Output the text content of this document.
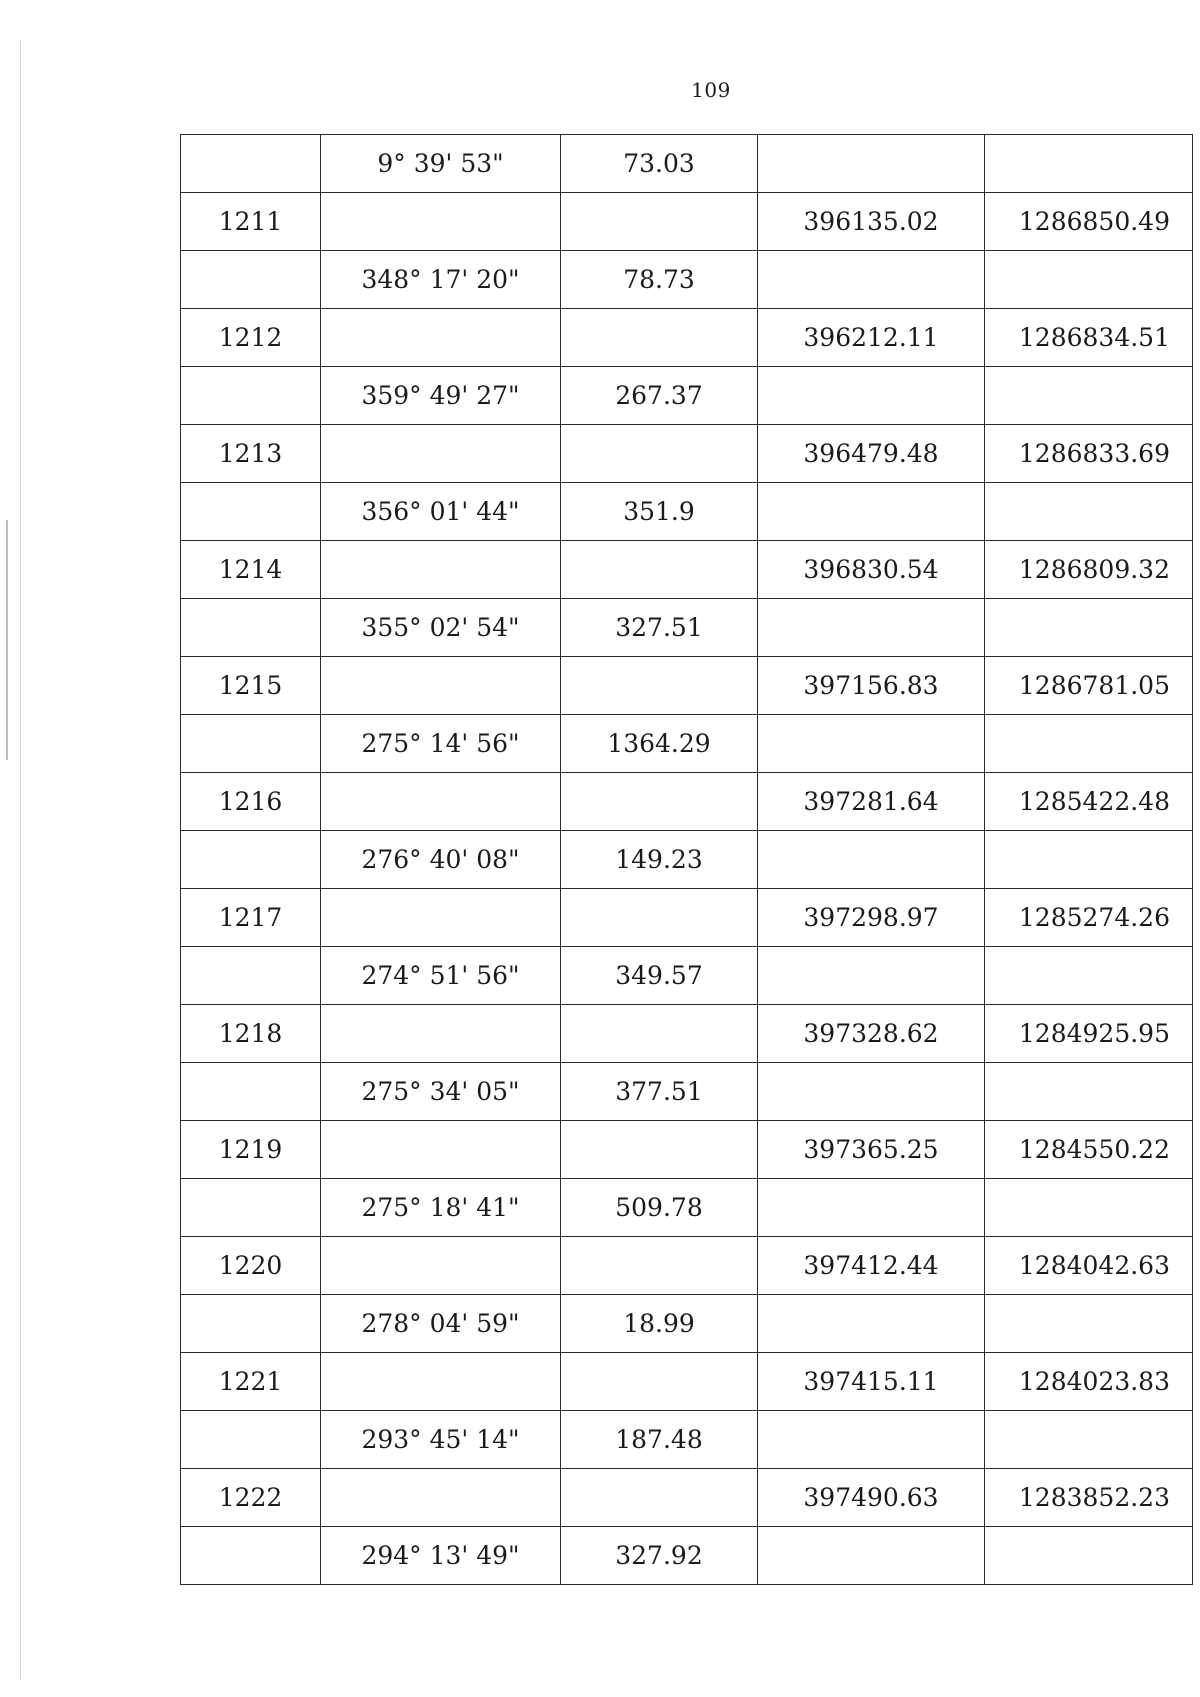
109
	9° 39' 53"	73.03		
1211			396135.02	1286850.49
	348° 17' 20"	78.73		
1212			396212.11	1286834.51
	359° 49' 27"	267.37		
1213			396479.48	1286833.69
	356° 01' 44"	351.9		
1214			396830.54	1286809.32
	355° 02' 54"	327.51		
1215			397156.83	1286781.05
	275° 14' 56"	1364.29		
1216			397281.64	1285422.48
	276° 40' 08"	149.23		
1217			397298.97	1285274.26
	274° 51' 56"	349.57		
1218			397328.62	1284925.95
	275° 34' 05"	377.51		
1219			397365.25	1284550.22
	275° 18' 41"	509.78		
1220			397412.44	1284042.63
	278° 04' 59"	18.99		
1221			397415.11	1284023.83
	293° 45' 14"	187.48		
1222			397490.63	1283852.23
	294° 13' 49"	327.92		
